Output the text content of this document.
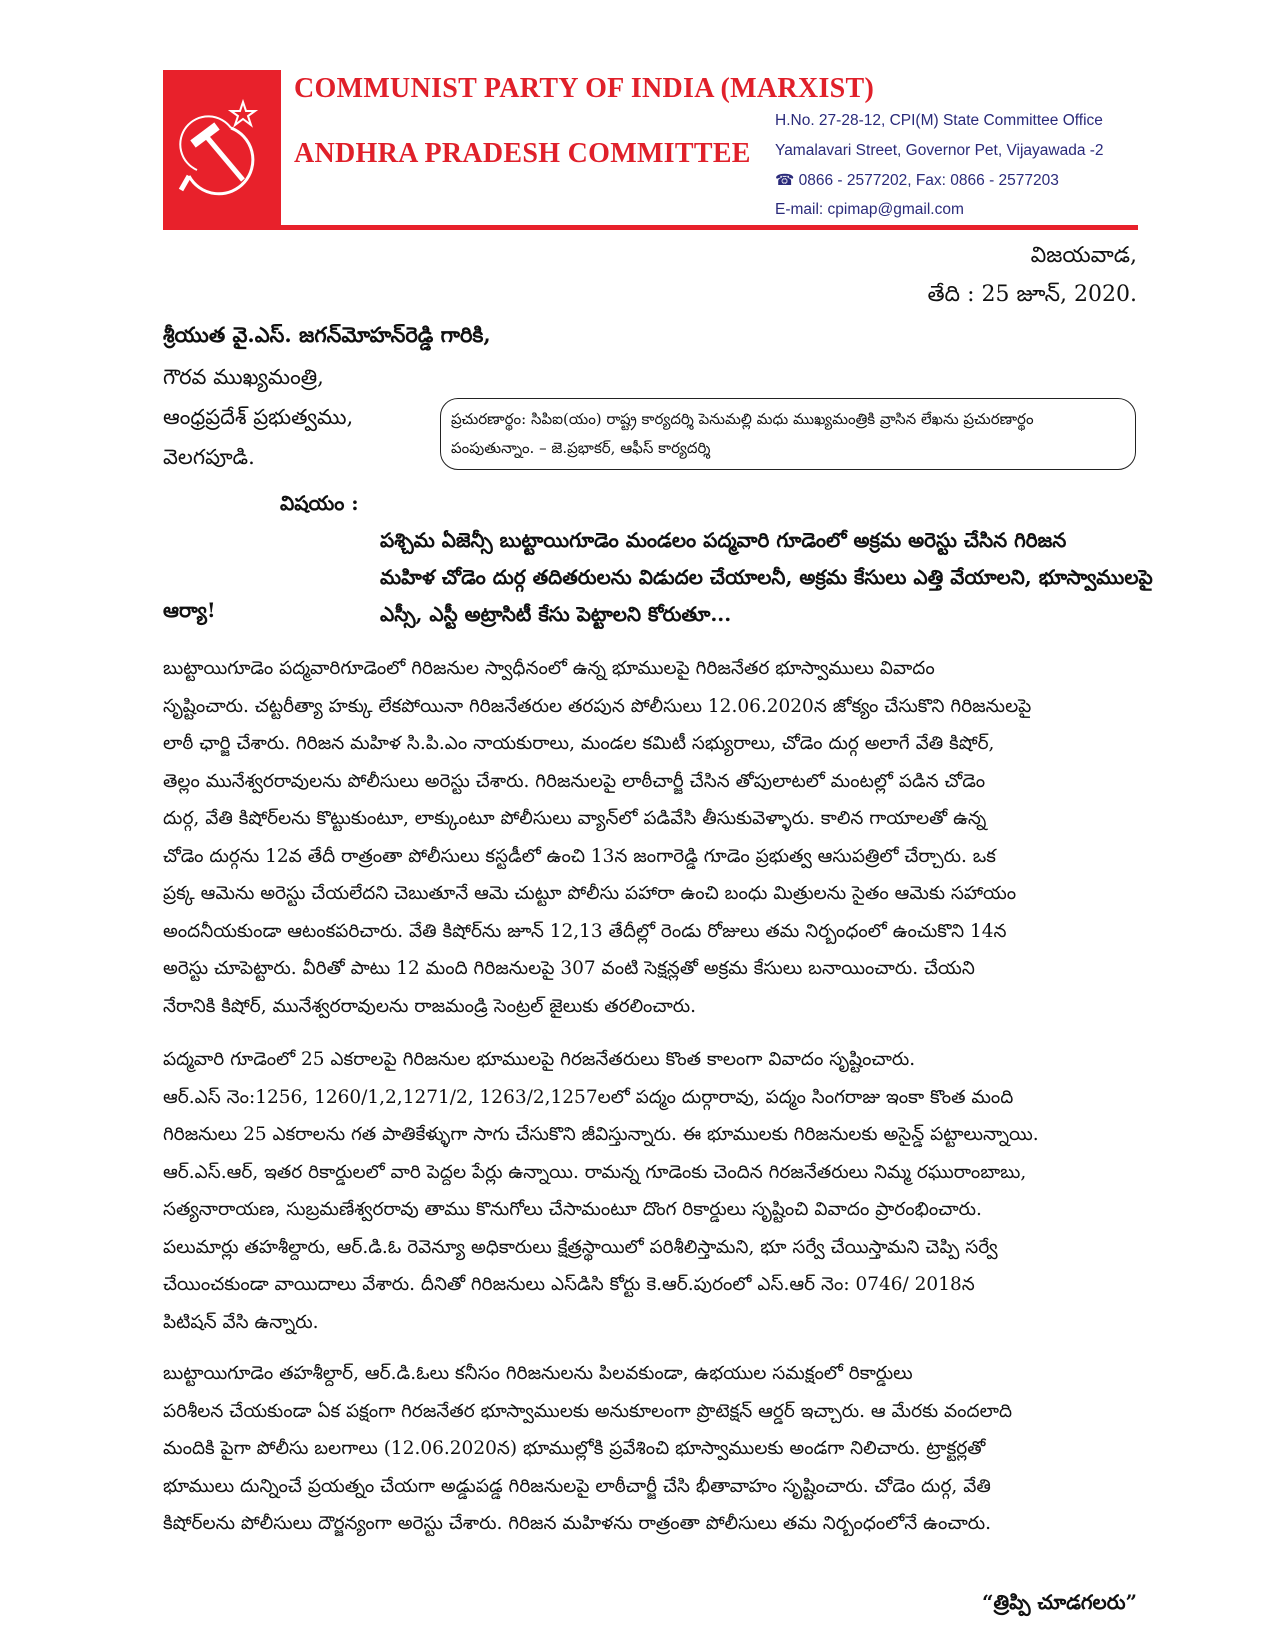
COMMUNIST PARTY OF INDIA (MARXIST)
ANDHRA PRADESH COMMITTEE
H.No. 27-28-12, CPI(M) State Committee Office
Yamalavari Street, Governor Pet, Vijayawada -2
☎ 0866 - 2577202, Fax: 0866 - 2577203
E-mail: cpimap@gmail.com
విజయవాడ,
తేది : 25 జూన్, 2020.
శ్రీయుత వై.ఎస్. జగన్‌మోహన్‌రెడ్డి గారికి,
గౌరవ ముఖ్యమంత్రి,
ఆంధ్రప్రదేశ్ ప్రభుత్వము,
వెలగపూడి.
ప్రచురణార్థం: సిపిఐ(యం) రాష్ట్ర కార్యదర్శి పెనుమల్లి మధు ముఖ్యమంత్రికి వ్రాసిన లేఖను ప్రచురణార్థం
పంపుతున్నాం. – జె.ప్రభాకర్, ఆఫీస్ కార్యదర్శి
విషయం :
పశ్చిమ ఏజెన్సీ బుట్టాయిగూడెం మండలం పద్మవారి గూడెంలో అక్రమ అరెస్టు చేసిన గిరిజన
మహిళ చోడెం దుర్గ తదితరులను విడుదల చేయాలనీ, అక్రమ కేసులు ఎత్తి వేయాలని, భూస్వాములపై
ఎస్సీ, ఎస్టీ అట్రాసిటీ కేసు పెట్టాలని కోరుతూ...
ఆర్యా!
బుట్టాయిగూడెం పద్మవారిగూడెంలో గిరిజనుల స్వాధీనంలో ఉన్న భూములపై గిరిజనేతర భూస్వాములు వివాదం
సృష్టించారు. చట్టరీత్యా హక్కు లేకపోయినా గిరిజనేతరుల తరపున పోలీసులు 12.06.2020న జోక్యం చేసుకొని గిరిజనులపై
లాఠీ ఛార్జి చేశారు. గిరిజన మహిళ సి.పి.ఎం నాయకురాలు, మండల కమిటీ సభ్యురాలు, చోడెం దుర్గ అలాగే వేతి కిషోర్,
తెల్లం మునేశ్వరరావులను పోలీసులు అరెస్టు చేశారు. గిరిజనులపై లాఠీచార్జీ చేసిన తోపులాటలో మంటల్లో పడిన చోడెం
దుర్గ, వేతి కిషోర్‌లను కొట్టుకుంటూ, లాక్కుంటూ పోలీసులు వ్యాన్‌లో పడివేసి తీసుకువెళ్ళారు. కాలిన గాయాలతో ఉన్న
చోడెం దుర్గను 12వ తేదీ రాత్రంతా పోలీసులు కస్టడీలో ఉంచి 13న జంగారెడ్డి గూడెం ప్రభుత్వ ఆసుపత్రిలో చేర్చారు. ఒక
ప్రక్క ఆమెను అరెస్టు చేయలేదని చెబుతూనే ఆమె చుట్టూ పోలీసు పహారా ఉంచి బంధు మిత్రులను సైతం ఆమెకు సహాయం
అందనీయకుండా ఆటంకపరిచారు. వేతి కిషోర్‌ను జూన్ 12,13 తేదీల్లో రెండు రోజులు తమ నిర్బంధంలో ఉంచుకొని 14న
అరెస్టు చూపెట్టారు. వీరితో పాటు 12 మంది గిరిజనులపై 307 వంటి సెక్షన్లతో అక్రమ కేసులు బనాయించారు. చేయని
నేరానికి కిషోర్, మునేశ్వరరావులను రాజమండ్రి సెంట్రల్ జైలుకు తరలించారు.
పద్మవారి గూడెంలో 25 ఎకరాలపై గిరిజనుల భూములపై గిరజనేతరులు కొంత కాలంగా వివాదం సృష్టించారు.
ఆర్.ఎస్ నెం:1256, 1260/1,2,1271/2, 1263/2,1257లలో పద్మం దుర్గారావు, పద్మం సింగరాజు ఇంకా కొంత మంది
గిరిజనులు 25 ఎకరాలను గత పాతికేళ్ళుగా సాగు చేసుకొని జీవిస్తున్నారు. ఈ భూములకు గిరిజనులకు అసైన్డ్ పట్టాలున్నాయి.
ఆర్.ఎస్.ఆర్, ఇతర రికార్డులలో వారి పెద్దల పేర్లు ఉన్నాయి. రామన్న గూడెంకు చెందిన గిరజనేతరులు నిమ్మ రఘురాంబాబు,
సత్యనారాయణ, సుబ్రమణేశ్వరరావు తాము కొనుగోలు చేసామంటూ దొంగ రికార్డులు సృష్టించి వివాదం ప్రారంభించారు.
పలుమార్లు తహశీల్దారు, ఆర్.డి.ఓ రెవెన్యూ అధికారులు క్షేత్రస్థాయిలో పరిశీలిస్తామని, భూ సర్వే చేయిస్తామని చెప్పి సర్వే
చేయించకుండా వాయిదాలు వేశారు. దీనితో గిరిజనులు ఎస్‌డిసి కోర్టు కె.ఆర్.పురంలో ఎస్.ఆర్ నెం: 0746/ 2018న
పిటిషన్ వేసి ఉన్నారు.
బుట్టాయిగూడెం తహశీల్దార్, ఆర్.డి.ఓలు కనీసం గిరిజనులను పిలవకుండా, ఉభయుల సమక్షంలో రికార్డులు
పరిశీలన చేయకుండా ఏక పక్షంగా గిరజనేతర భూస్వాములకు అనుకూలంగా ప్రొటెక్షన్ ఆర్డర్ ఇచ్చారు. ఆ మేరకు వందలాది
మందికి పైగా పోలీసు బలగాలు (12.06.2020న) భూముల్లోకి ప్రవేశించి భూస్వాములకు అండగా నిలిచారు. ట్రాక్టర్లతో
భూములు దున్నించే ప్రయత్నం చేయగా అడ్డుపడ్డ గిరిజనులపై లాఠీచార్జీ చేసి భీతావాహం సృష్టించారు. చోడెం దుర్గ, వేతి
కిషోర్‌లను పోలీసులు దౌర్జన్యంగా అరెస్టు చేశారు. గిరిజన మహిళను రాత్రంతా పోలీసులు తమ నిర్బంధంలోనే ఉంచారు.
“త్రిప్పి చూడగలరు”
